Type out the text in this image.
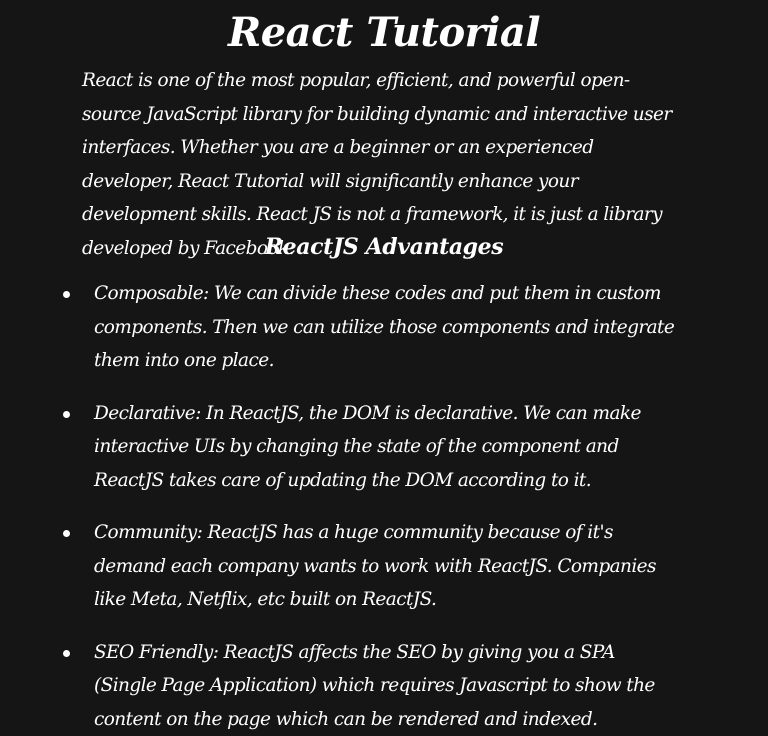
React Tutorial

React is one of the most popular, efficient, and powerful open-source JavaScript library for building dynamic and interactive user interfaces. Whether you are a beginner or an experienced developer, React Tutorial will significantly enhance your development skills. React JS is not a framework, it is just a library developed by Facebook.

ReactJS Advantages
Composable: We can divide these codes and put them in custom components. Then we can utilize those components and integrate them into one place.
Declarative: In ReactJS, the DOM is declarative. We can make interactive UIs by changing the state of the component and ReactJS takes care of updating the DOM according to it.
Community: ReactJS has a huge community because of it's demand each company wants to work with ReactJS. Companies like Meta, Netflix, etc built on ReactJS.
SEO Friendly: ReactJS affects the SEO by giving you a SPA (Single Page Application) which requires Javascript to show the content on the page which can be rendered and indexed.
